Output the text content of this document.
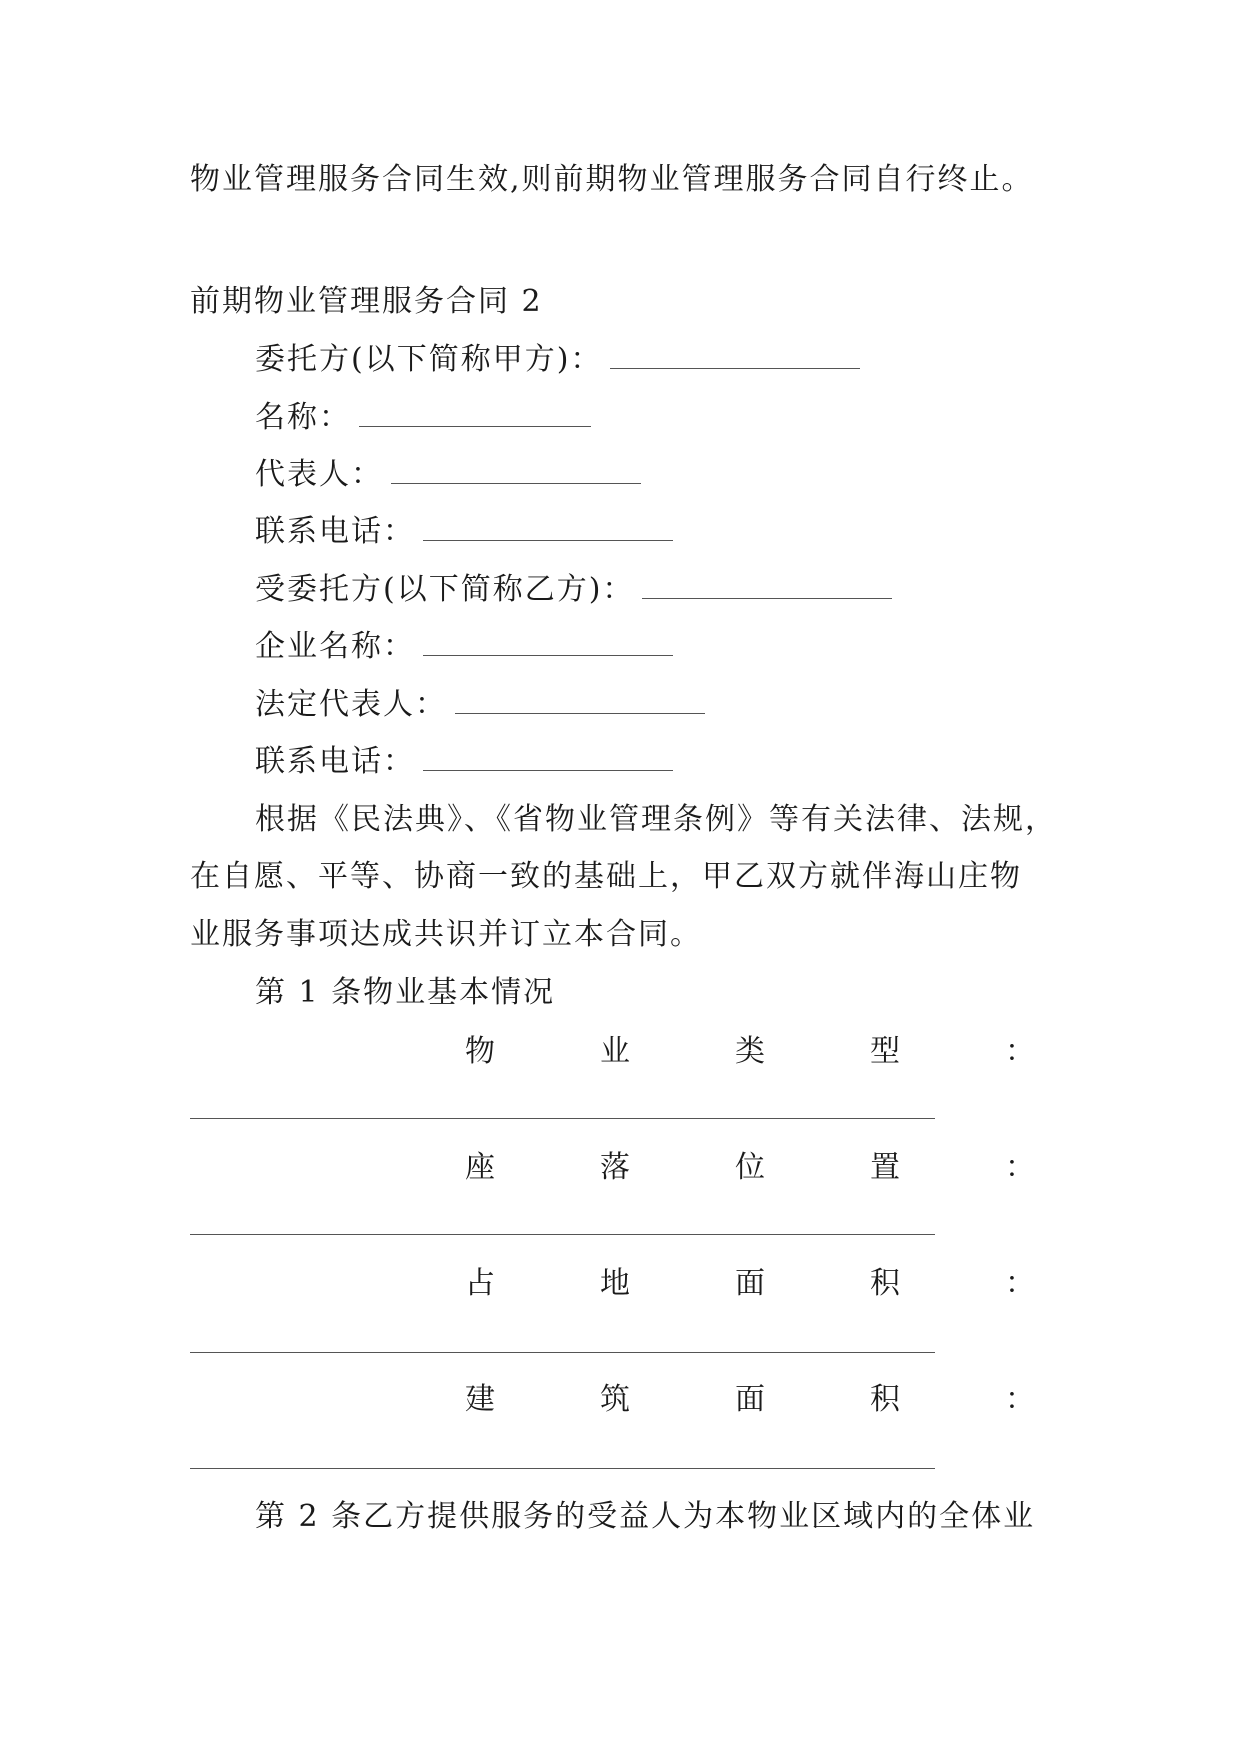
物业管理服务合同生效,则前期物业管理服务合同自行终止。
前期物业管理服务合同 2
委托方(以下简称甲方)：
名称：
代表人：
联系电话：
受委托方(以下简称乙方)：
企业名称：
法定代表人：
联系电话：
根据《民法典》、《省物业管理条例》等有关法律、法规，
在自愿、平等、协商一致的基础上，甲乙双方就伴海山庄物
业服务事项达成共识并订立本合同。
第 1 条物业基本情况
物	业	类	型	：
座	落	位	置	：
占	地	面	积	：
建	筑	面	积	：
第 2 条乙方提供服务的受益人为本物业区域内的全体业
